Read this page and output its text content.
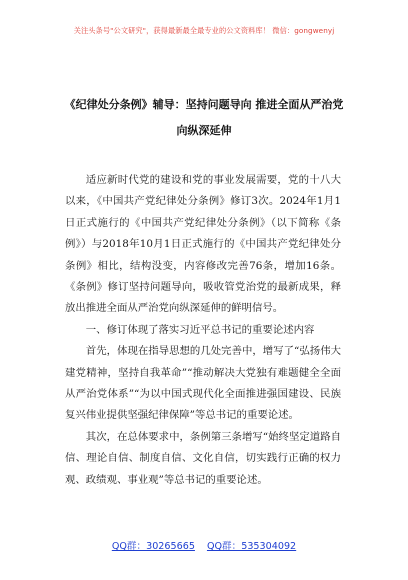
关注头条号"公文研究"，获得最新最全最专业的公文资料库！ 微信：gongwenyj
《纪律处分条例》辅导：坚持问题导向 推进全面从严治党
向纵深延伸

适应新时代党的建设和党的事业发展需要，党的十八大以来，《中国共产党纪律处分条例》修订3次。2024年1月1日正式施行的《中国共产党纪律处分条例》（以下简称《条例》）与2018年10月1日正式施行的《中国共产党纪律处分条例》相比，结构没变，内容修改完善76条，增加16条。《条例》修订坚持问题导向，吸收管党治党的最新成果，释放出推进全面从严治党向纵深延伸的鲜明信号。

一、修订体现了落实习近平总书记的重要论述内容

首先，体现在指导思想的几处完善中，增写了“弘扬伟大建党精神，坚持自我革命”“推动解决大党独有难题健全全面从严治党体系”“为以中国式现代化全面推进强国建设、民族复兴伟业提供坚强纪律保障”等总书记的重要论述。

其次，在总体要求中，条例第三条增写“始终坚定道路自信、理论自信、制度自信、文化自信，切实践行正确的权力观、政绩观、事业观”等总书记的重要论述。

QQ群：30265665 QQ群：535304092
